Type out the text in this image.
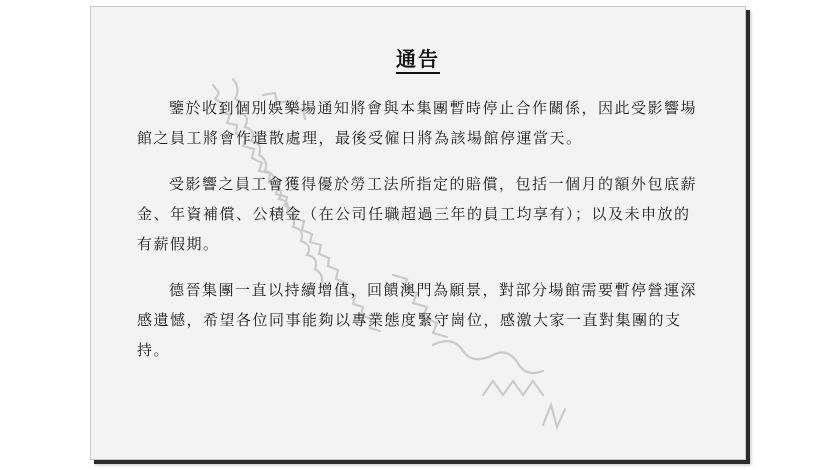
通告

鑒於收到個別娛樂場通知將會與本集團暫時停止合作關係，因此受影響場館之員工將會作遣散處理，最後受僱日將為該場館停運當天。

受影響之員工會獲得優於勞工法所指定的賠償，包括一個月的額外包底薪金、年資補償、公積金（在公司任職超過三年的員工均享有）；以及未申放的有薪假期。

德晉集團一直以持續增值，回饋澳門為願景，對部分場館需要暫停營運深感遺憾，希望各位同事能夠以專業態度緊守崗位，感激大家一直對集團的支持。
